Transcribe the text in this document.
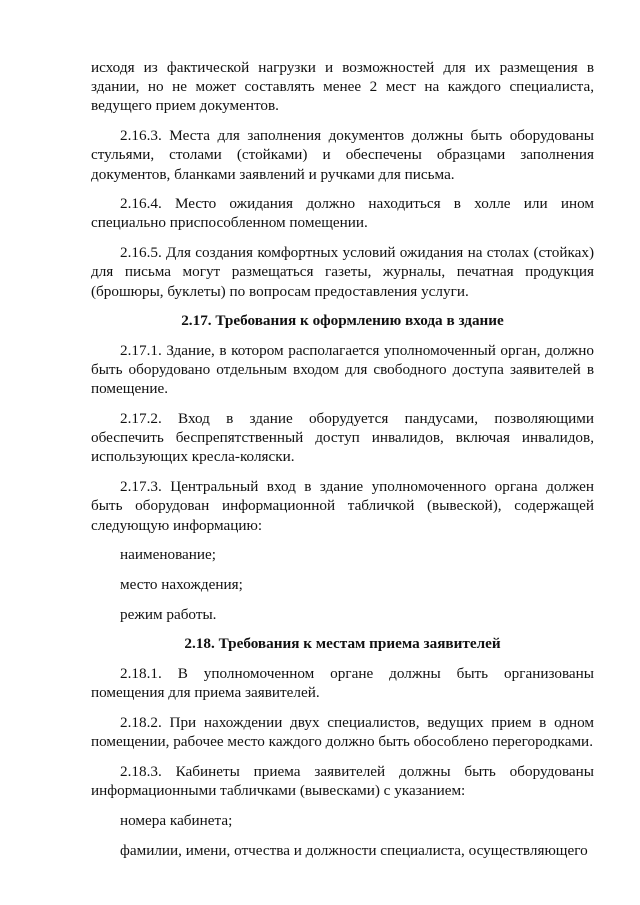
исходя из фактической нагрузки и возможностей для их размещения в здании, но не может составлять менее 2 мест на каждого специалиста, ведущего прием документов.

2.16.3. Места для заполнения документов должны быть оборудованы стульями, столами (стойками) и обеспечены образцами заполнения документов, бланками заявлений и ручками для письма.

2.16.4. Место ожидания должно находиться в холле или ином специально приспособленном помещении.

2.16.5. Для создания комфортных условий ожидания на столах (стойках) для письма могут размещаться газеты, журналы, печатная продукция (брошюры, буклеты) по вопросам предоставления услуги.

2.17. Требования к оформлению входа в здание

2.17.1. Здание, в котором располагается уполномоченный орган, должно быть оборудовано отдельным входом для свободного доступа заявителей в помещение.

2.17.2. Вход в здание оборудуется пандусами, позволяющими обеспечить беспрепятственный доступ инвалидов, включая инвалидов, использующих кресла-коляски.

2.17.3. Центральный вход в здание уполномоченного органа должен быть оборудован информационной табличкой (вывеской), содержащей следующую информацию:

наименование;

место нахождения;

режим работы.

2.18. Требования к местам приема заявителей

2.18.1. В уполномоченном органе должны быть организованы помещения для приема заявителей.

2.18.2. При нахождении двух специалистов, ведущих прием в одном помещении, рабочее место каждого должно быть обособлено перегородками.

2.18.3. Кабинеты приема заявителей должны быть оборудованы информационными табличками (вывесками) с указанием:

номера кабинета;

фамилии, имени, отчества и должности специалиста, осуществляющего
